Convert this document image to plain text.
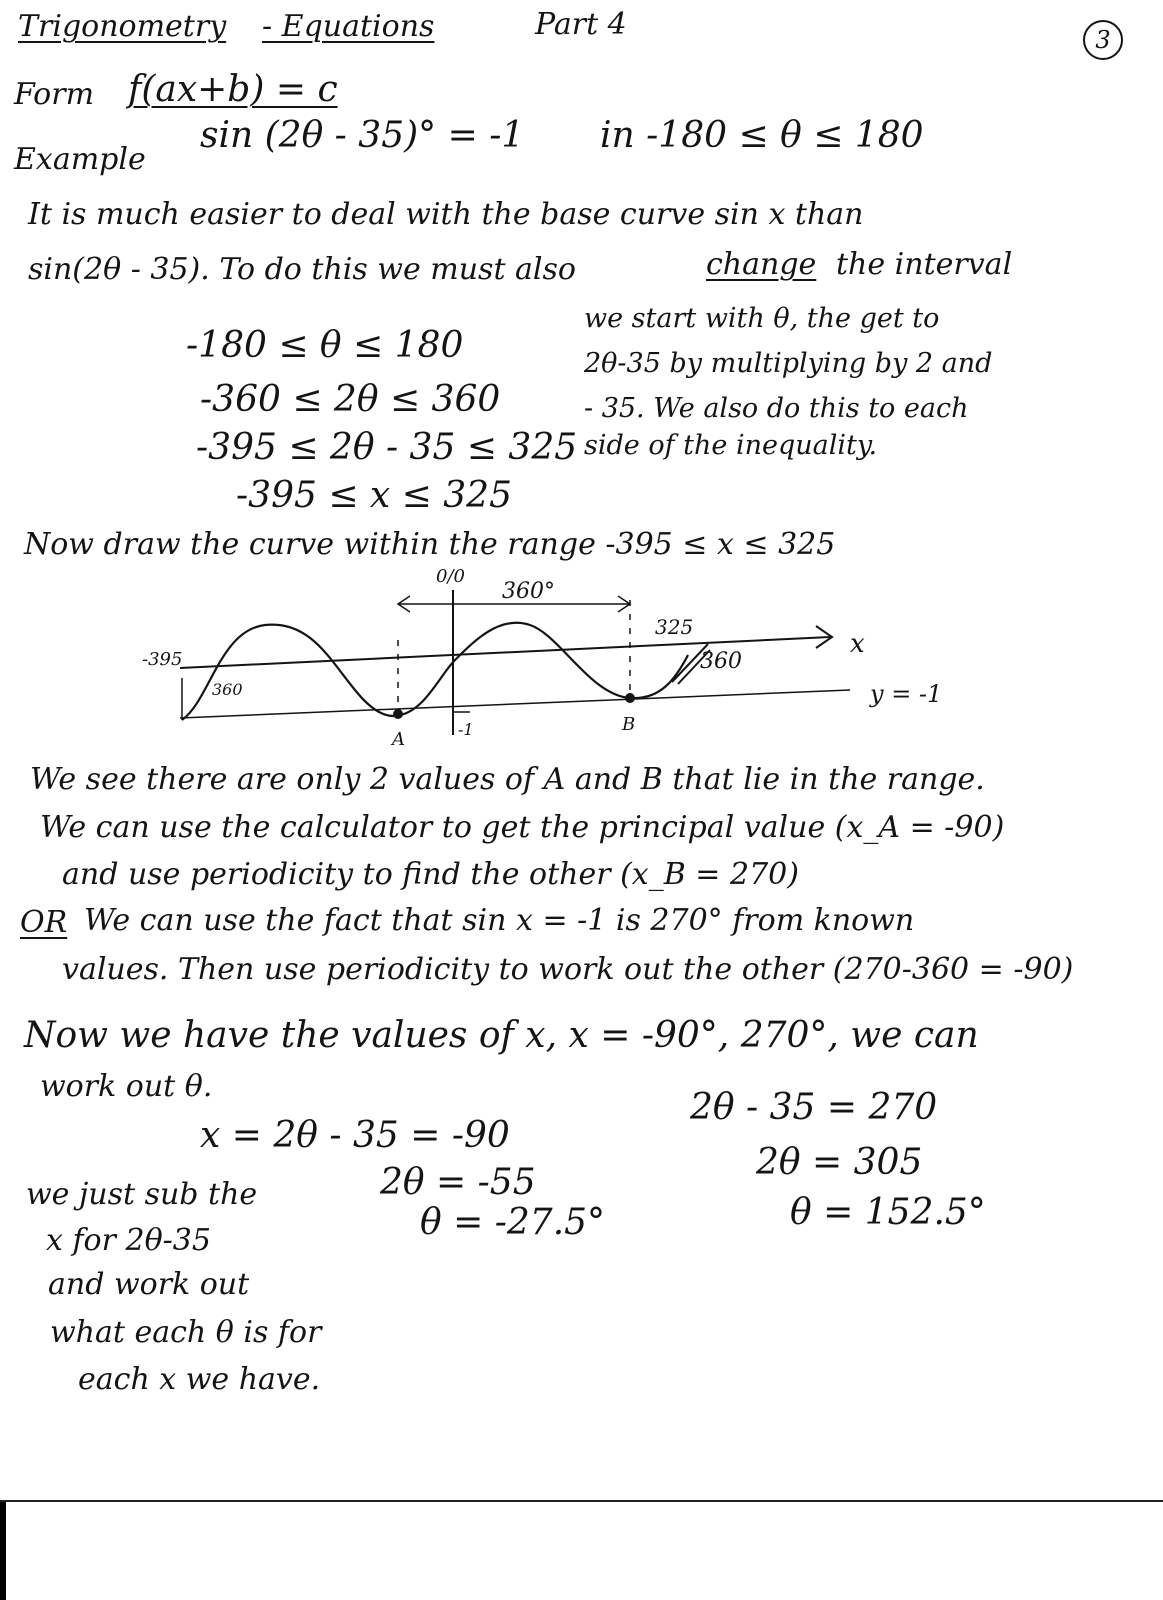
Trigonometry - Equations	Part 4	3
Form f(ax+b) = c
Example
sin (2θ - 35)° = -1 in -180 ≤ θ ≤ 180
It is much easier to deal with the base curve sin x than
sin(2θ - 35). To do this we must also	change the interval
-180 ≤ θ ≤ 180
-360 ≤ 2θ ≤ 360
-395 ≤ 2θ - 35 ≤ 325
-395 ≤ x ≤ 325
we start with θ, the get to
2θ-35 by multiplying by 2 and
- 35. We also do this to each
side of the inequality.
Now draw the curve within the range -395 ≤ x ≤ 325
-395
360
0/0
360°
325
360
x
y = -1
A
B
-1
We see there are only 2 values of A and B that lie in the range.
We can use the calculator to get the principal value (x_A = -90)
and use periodicity to find the other (x_B = 270)
OR We can use the fact that sin x = -1 is 270° from known
values. Then use periodicity to work out the other (270-360 = -90)
Now we have the values of x, x = -90°, 270°, we can
work out θ.
x = 2θ - 35 = -90
2θ = -55
θ = -27.5°
2θ - 35 = 270
2θ = 305
θ = 152.5°
we just sub the
x for 2θ-35
and work out
what each θ is for
each x we have.
